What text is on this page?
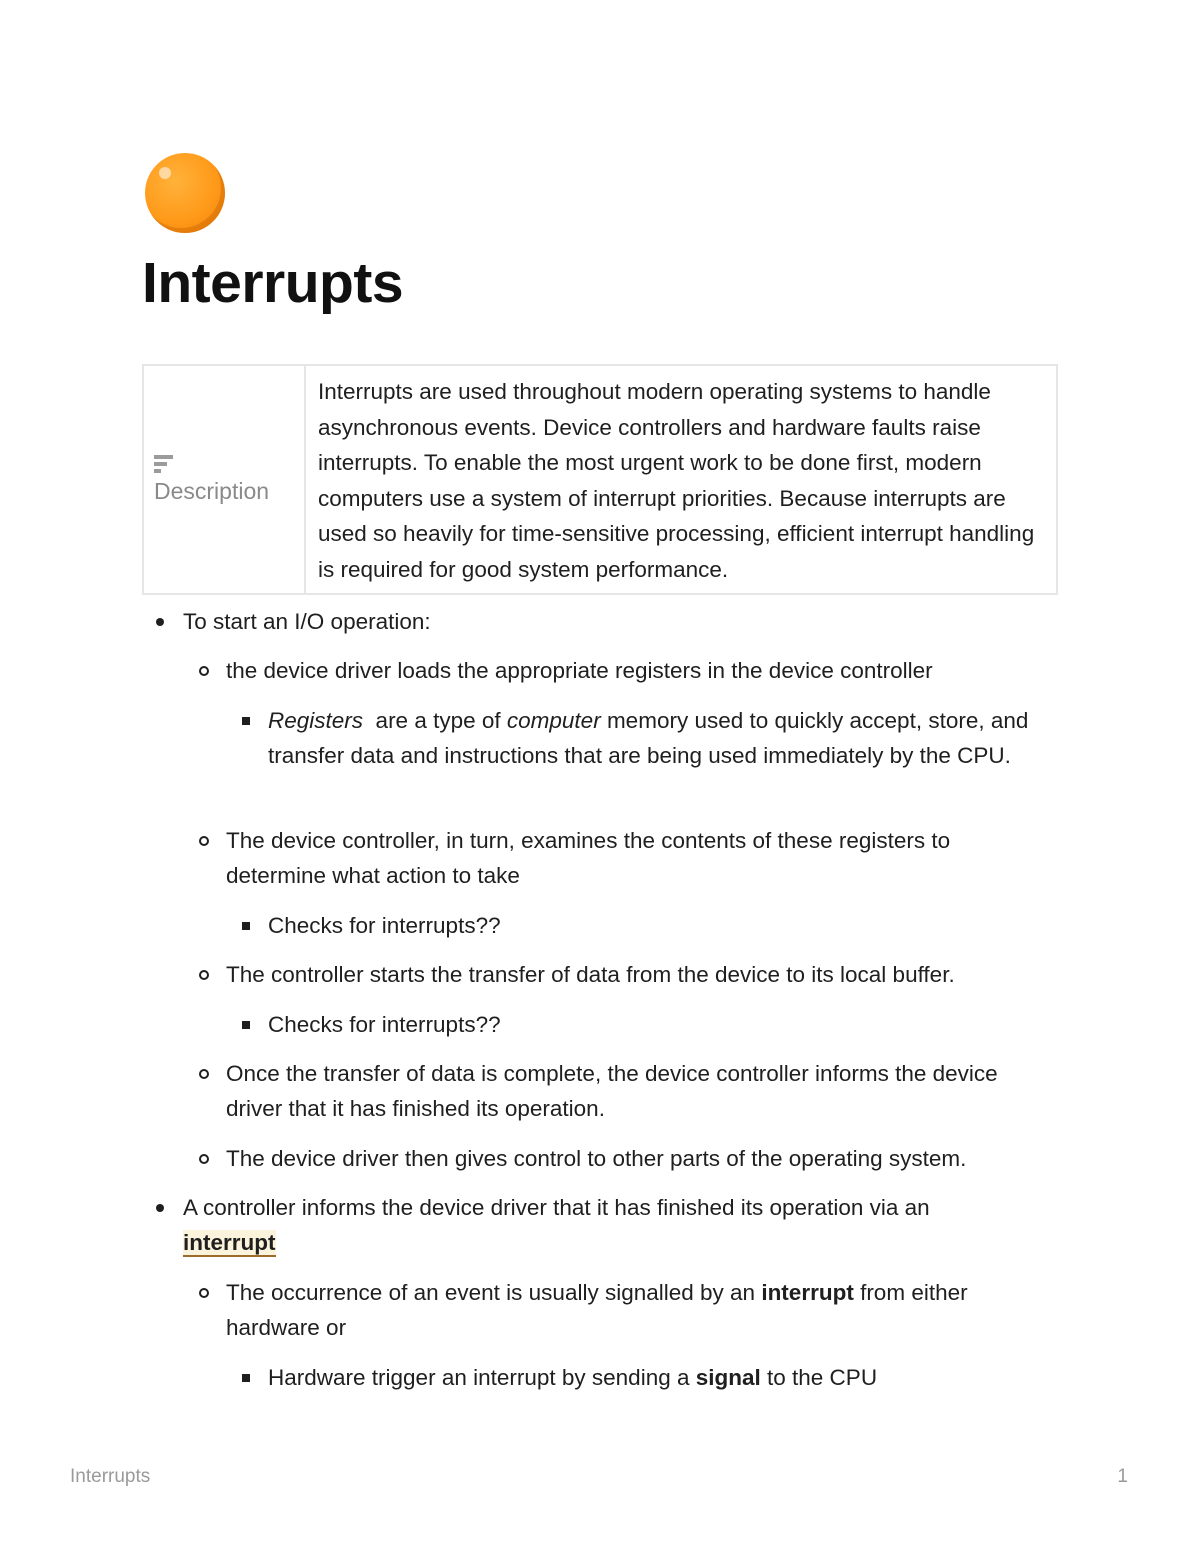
Interrupts
Description	Interrupts are used throughout modern operating systems to handle asynchronous events. Device controllers and hardware faults raise interrupts. To enable the most urgent work to be done first, modern computers use a system of interrupt priorities. Because interrupts are used so heavily for time-sensitive processing, efficient interrupt handling is required for good system performance.
To start an I/O operation:
the device driver loads the appropriate registers in the device controller
Registers  are a type of computer memory used to quickly accept, store, and  transfer data and instructions that are being used immediately by the CPU.
The device controller, in turn, examines the contents of these registers to determine what action to take
Checks for interrupts??
The controller starts the transfer of data from the device to its local buffer.
Checks for interrupts??
Once the transfer of data is complete, the device controller informs the device driver that it has finished its operation.
The device driver then gives control to other parts of the operating system.
A controller informs the device driver that it has finished its operation via an interrupt
The occurrence of an event is usually signalled by an interrupt from either hardware or
Hardware trigger an interrupt by sending a signal to the CPU
Interrupts	1
